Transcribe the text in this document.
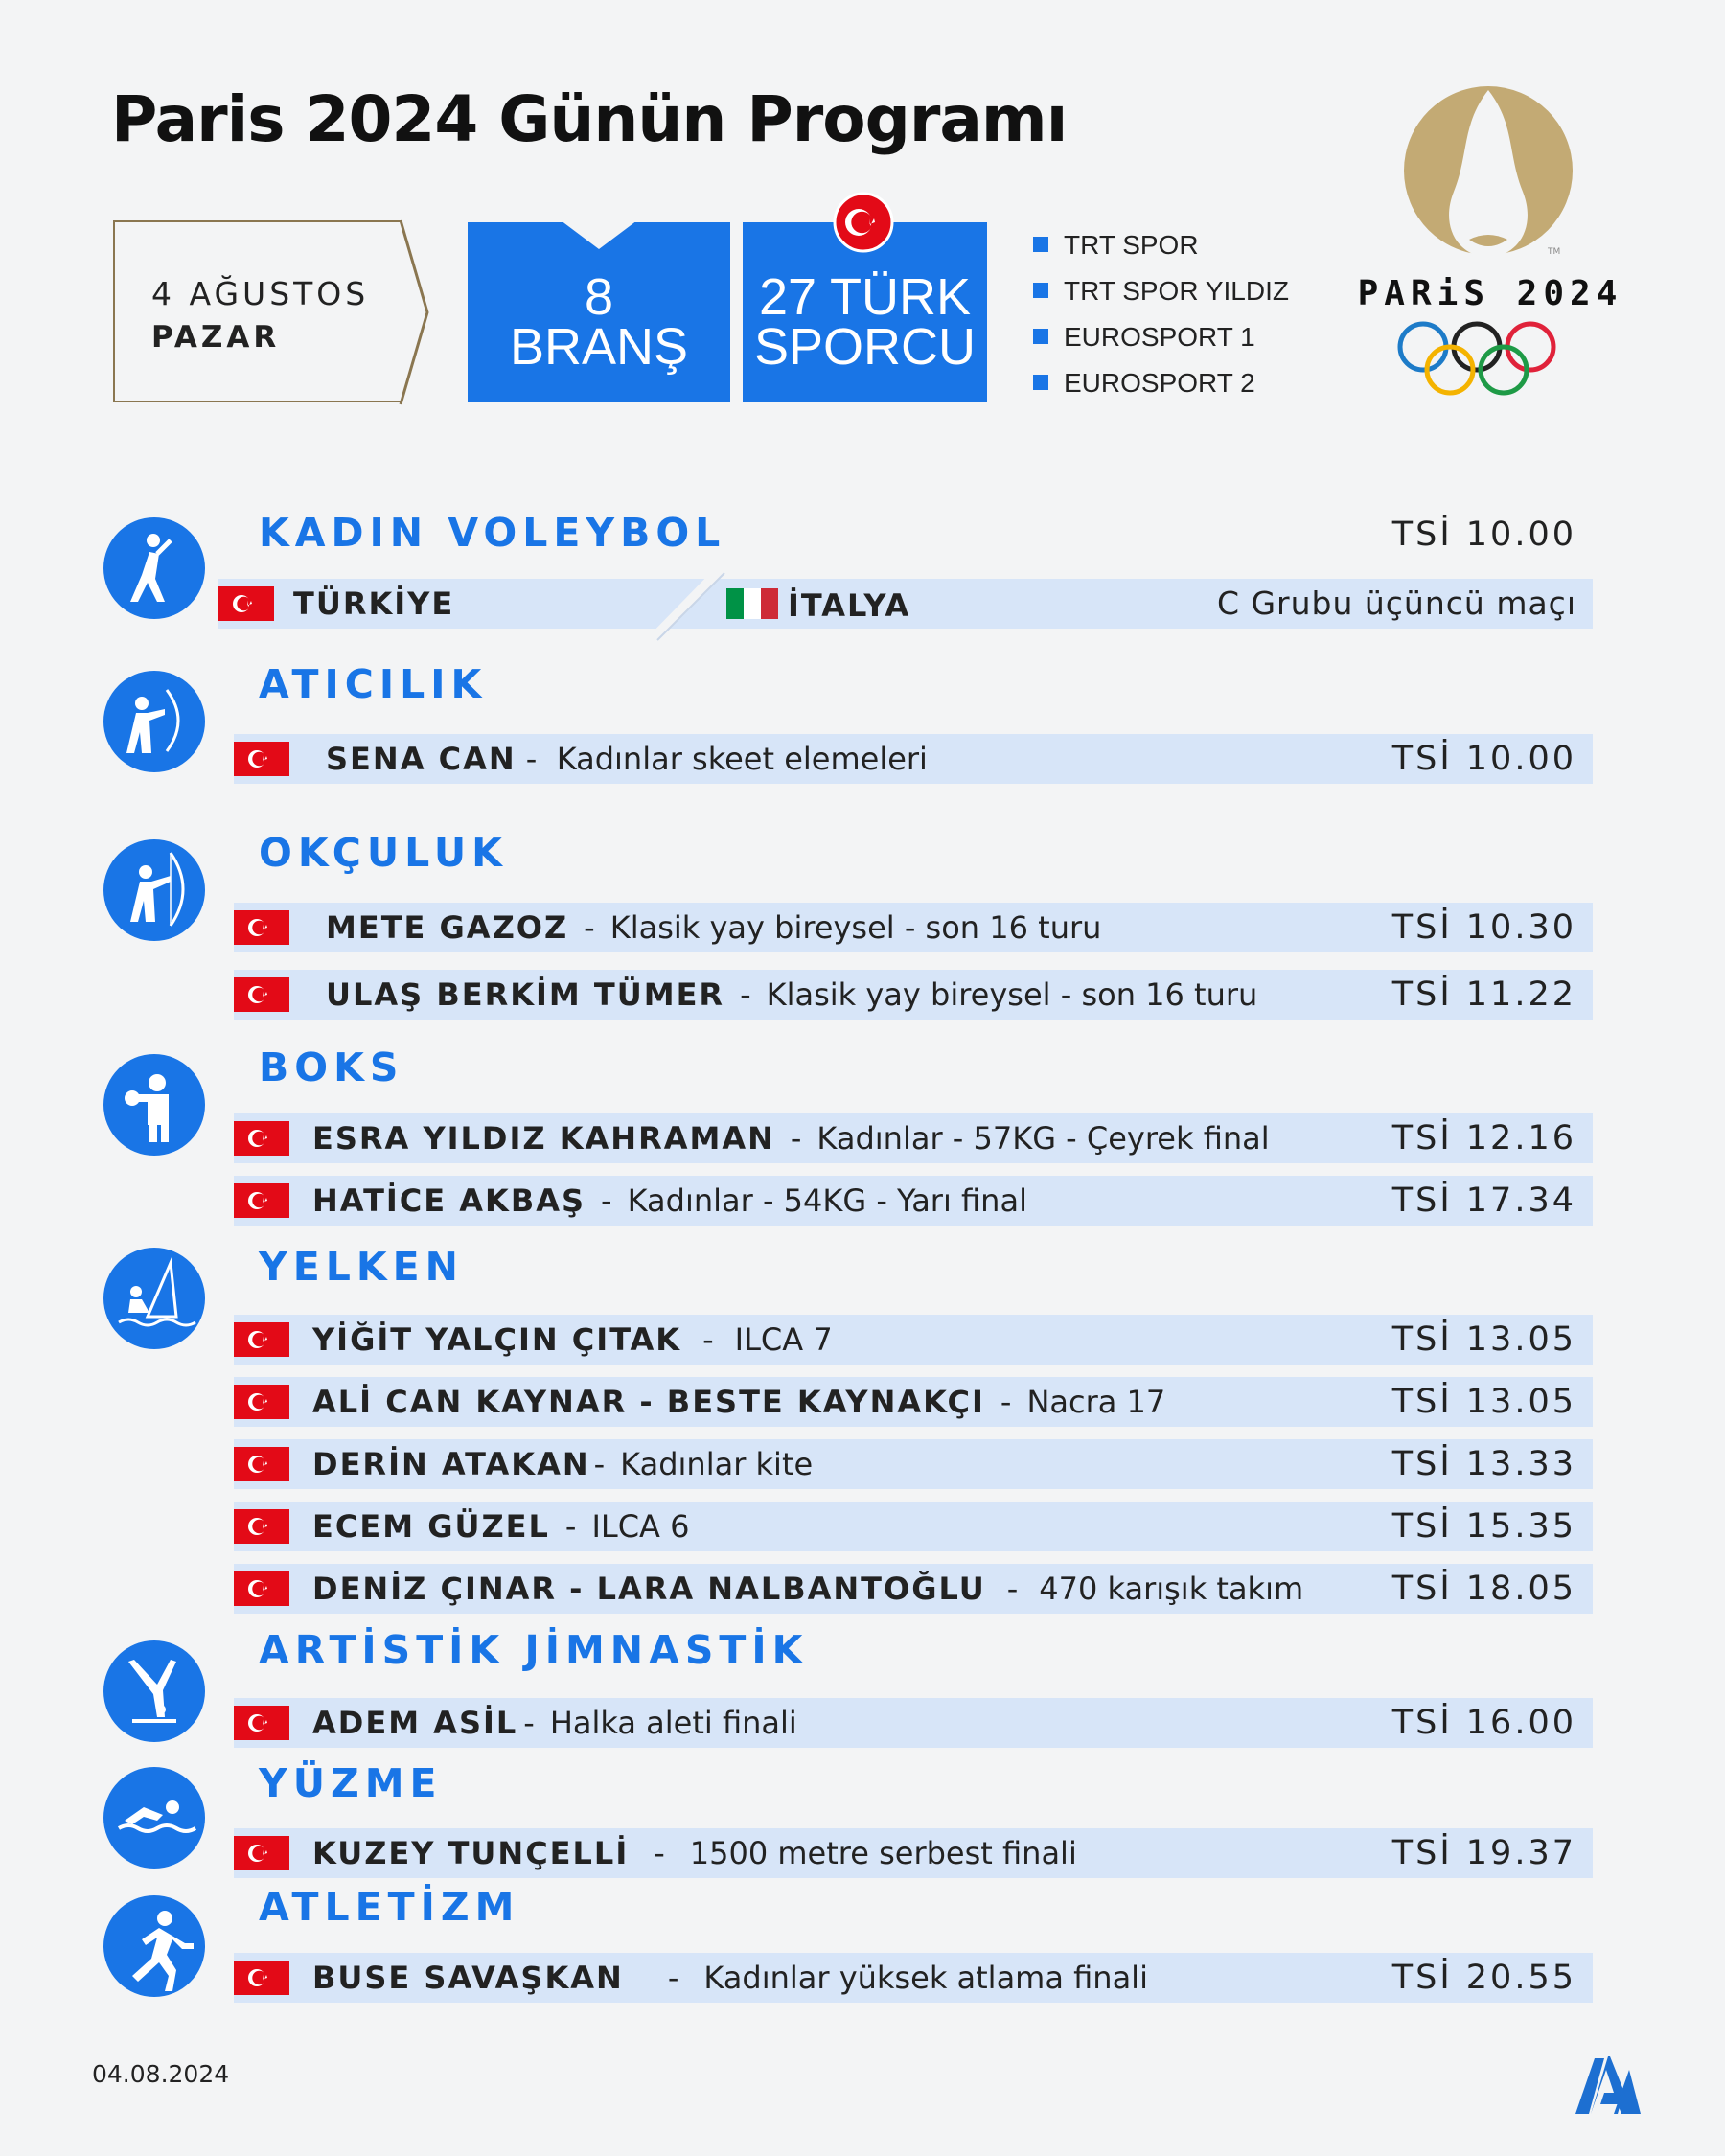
Paris 2024 Günün Programı
4 AĞUSTOS
PAZAR
8
BRANŞ
27 TÜRK
SPORCU
TRT SPOR
TRT SPOR YILDIZ
EUROSPORT 1
EUROSPORT 2
PARiS 2024
TM
KADIN VOLEYBOL	TSİ 10.00
TÜRKİYE	İTALYA	C Grubu üçüncü maçı
ATICILIK
SENA CAN - Kadınlar skeet elemeleri	TSİ 10.00
OKÇULUK
METE GAZOZ - Klasik yay bireysel - son 16 turu	TSİ 10.30
ULAŞ BERKİM TÜMER - Klasik yay bireysel - son 16 turu	TSİ 11.22
BOKS
ESRA YILDIZ KAHRAMAN - Kadınlar - 57KG - Çeyrek final	TSİ 12.16
HATİCE AKBAŞ - Kadınlar - 54KG - Yarı final	TSİ 17.34
YELKEN
YİĞİT YALÇIN ÇITAK - ILCA 7	TSİ 13.05
ALİ CAN KAYNAR - BESTE KAYNAKÇI - Nacra 17	TSİ 13.05
DERİN ATAKAN - Kadınlar kite	TSİ 13.33
ECEM GÜZEL - ILCA 6	TSİ 15.35
DENİZ ÇINAR - LARA NALBANTOĞLU - 470 karışık takım	TSİ 18.05
ARTİSTİK JİMNASTİK
ADEM ASİL - Halka aleti finali	TSİ 16.00
YÜZME
KUZEY TUNÇELLİ - 1500 metre serbest finali	TSİ 19.37
ATLETİZM
BUSE SAVAŞKAN - Kadınlar yüksek atlama finali	TSİ 20.55
04.08.2024
